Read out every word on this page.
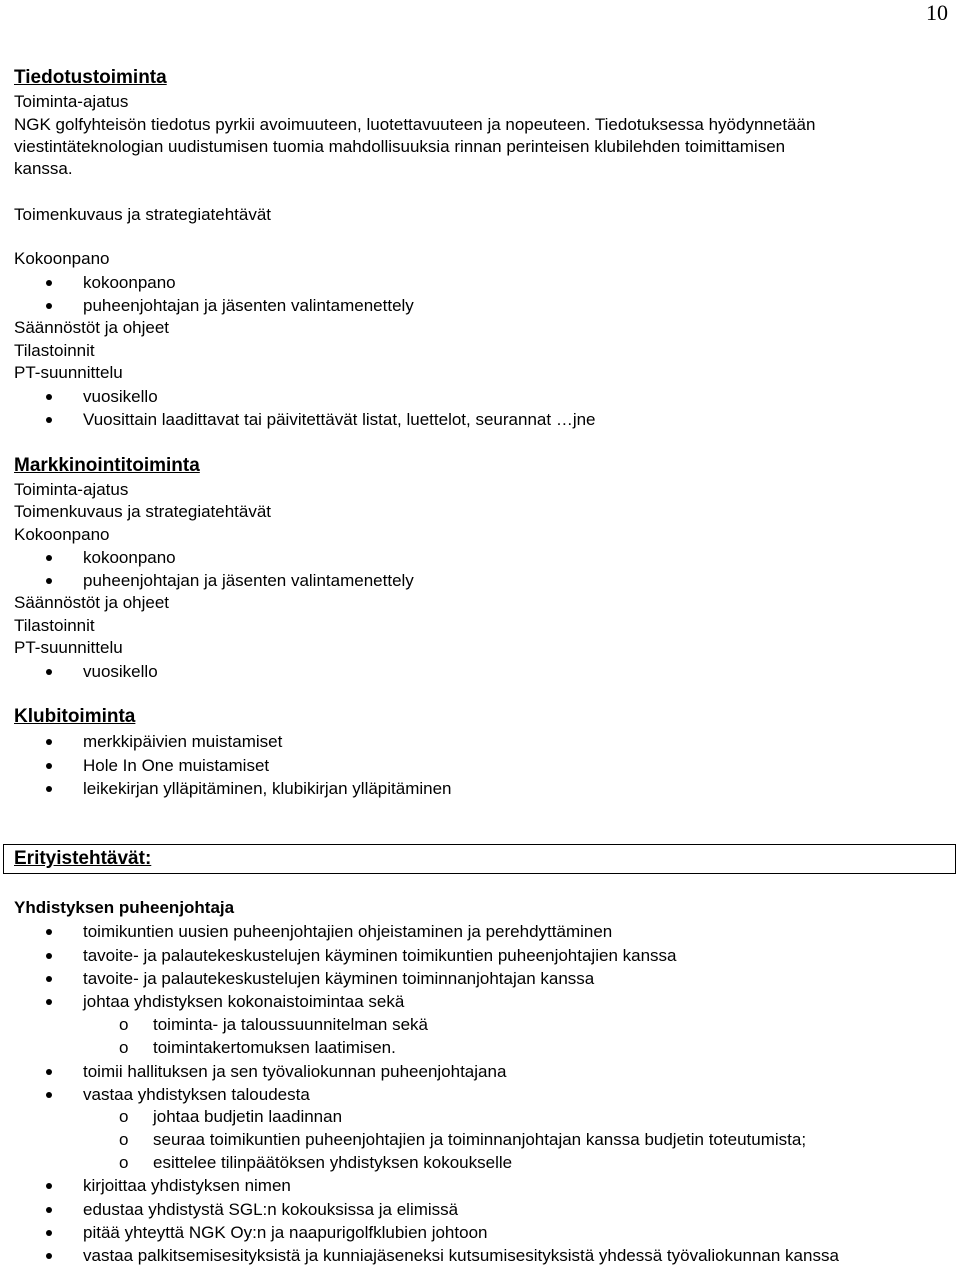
10
Tiedotustoiminta
Toiminta-ajatus
NGK golfyhteisön tiedotus pyrkii avoimuuteen, luotettavuuteen ja nopeuteen. Tiedotuksessa hyödynnetään
viestintäteknologian uudistumisen tuomia mahdollisuuksia rinnan perinteisen klubilehden toimittamisen
kanssa.
Toimenkuvaus ja strategiatehtävät
Kokoonpano
kokoonpano
puheenjohtajan ja jäsenten valintamenettely
Säännöstöt ja ohjeet
Tilastoinnit
PT-suunnittelu
vuosikello
Vuosittain laadittavat tai päivitettävät listat, luettelot, seurannat …jne
Markkinointitoiminta
Toiminta-ajatus
Toimenkuvaus ja strategiatehtävät
Kokoonpano
kokoonpano
puheenjohtajan ja jäsenten valintamenettely
Säännöstöt ja ohjeet
Tilastoinnit
PT-suunnittelu
vuosikello
Klubitoiminta
merkkipäivien muistamiset
Hole In One muistamiset
leikekirjan ylläpitäminen, klubikirjan ylläpitäminen
Erityistehtävät:
Yhdistyksen puheenjohtaja
toimikuntien uusien puheenjohtajien ohjeistaminen ja perehdyttäminen
tavoite- ja palautekeskustelujen käyminen toimikuntien puheenjohtajien kanssa
tavoite- ja palautekeskustelujen käyminen toiminnanjohtajan kanssa
johtaa yhdistyksen kokonaistoimintaa sekä
o toiminta- ja taloussuunnitelman sekä
o toimintakertomuksen laatimisen.
toimii hallituksen ja sen työvaliokunnan puheenjohtajana
vastaa yhdistyksen taloudesta
o johtaa budjetin laadinnan
o seuraa toimikuntien puheenjohtajien ja toiminnanjohtajan kanssa budjetin toteutumista;
o esittelee tilinpäätöksen yhdistyksen kokoukselle
kirjoittaa yhdistyksen nimen
edustaa yhdistystä SGL:n kokouksissa ja elimissä
pitää yhteyttä NGK Oy:n ja naapurigolfklubien johtoon
vastaa palkitsemisesityksistä ja kunniajäseneksi kutsumisesityksistä yhdessä työvaliokunnan kanssa
